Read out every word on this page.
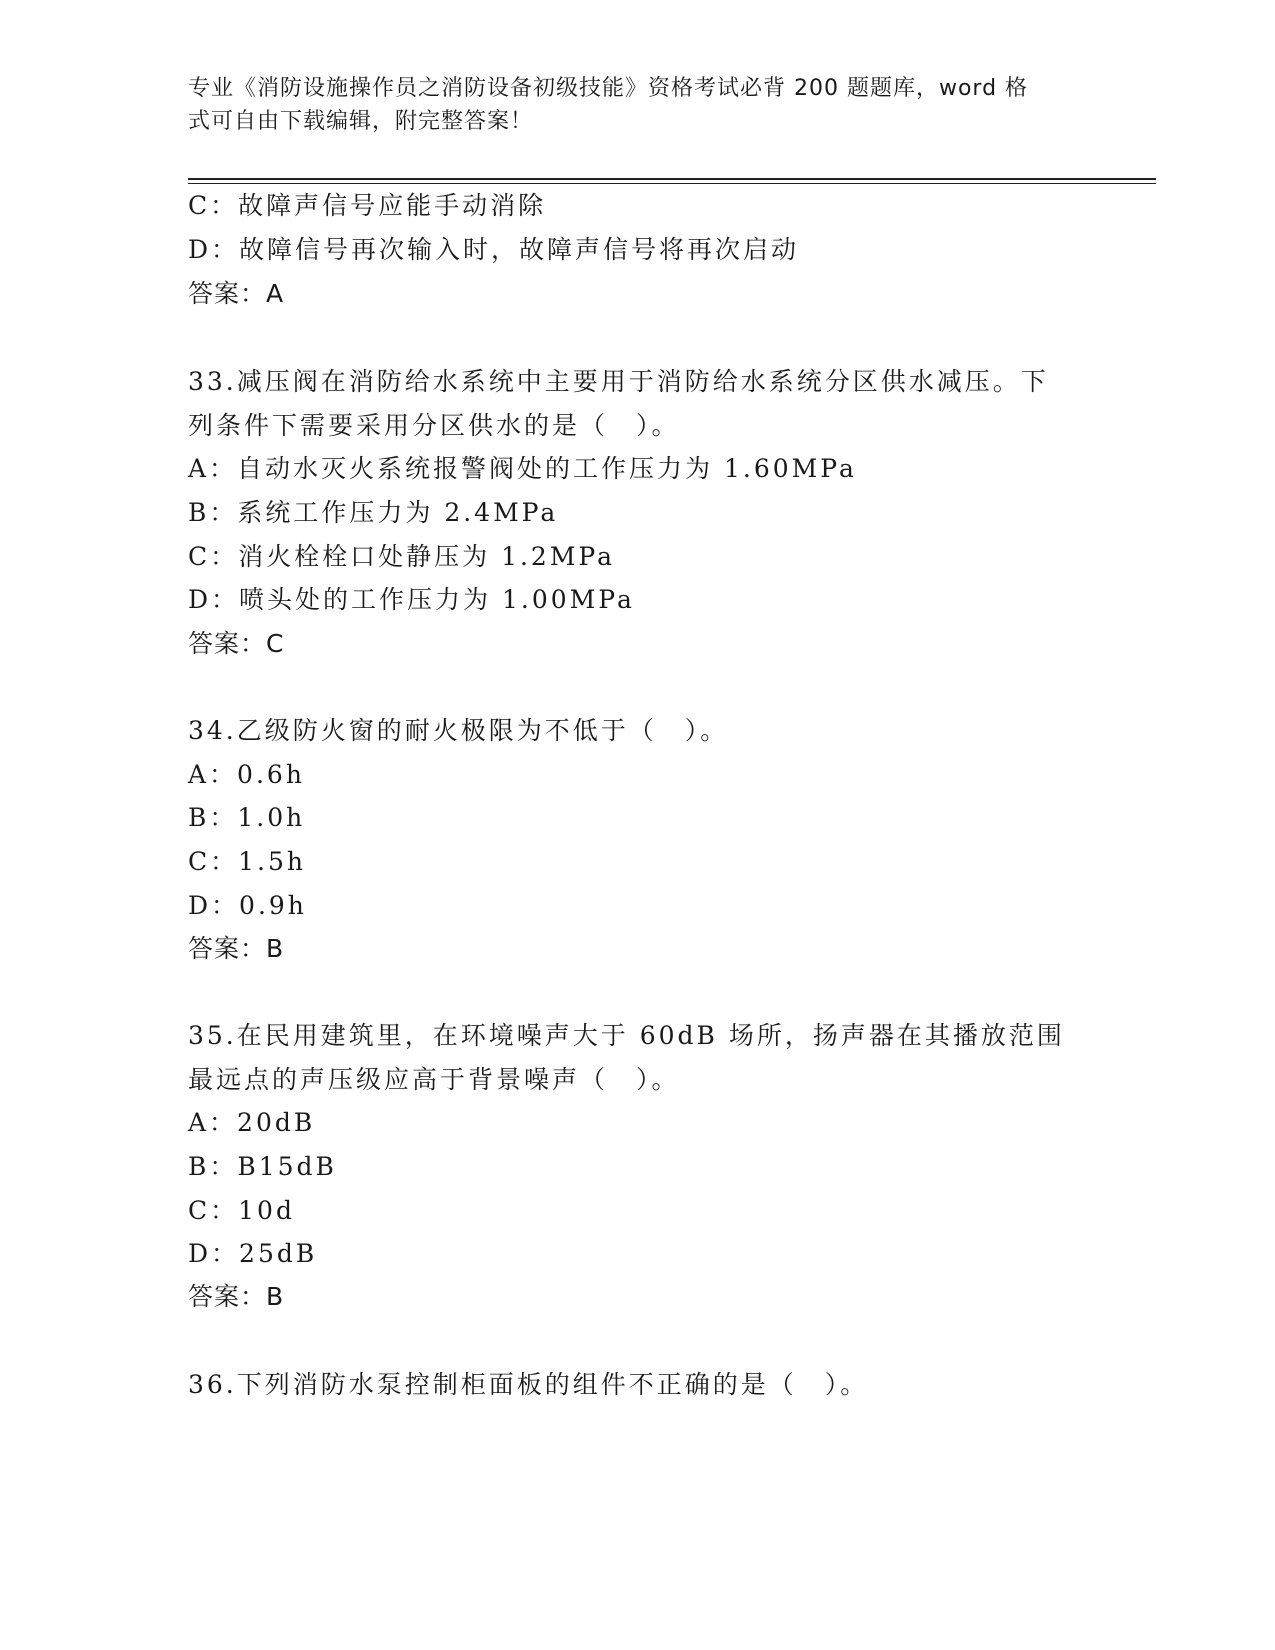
专业《消防设施操作员之消防设备初级技能》资格考试必背 200 题题库，word 格
式可自由下载编辑，附完整答案！
C：故障声信号应能手动消除
D：故障信号再次输入时，故障声信号将再次启动
答案：A
33.减压阀在消防给水系统中主要用于消防给水系统分区供水减压。下
列条件下需要采用分区供水的是（　）。
A：自动水灭火系统报警阀处的工作压力为 1.60MPa
B：系统工作压力为 2.4MPa
C：消火栓栓口处静压为 1.2MPa
D：喷头处的工作压力为 1.00MPa
答案：C
34.乙级防火窗的耐火极限为不低于（　）。
A：0.6h
B：1.0h
C：1.5h
D：0.9h
答案：B
35.在民用建筑里，在环境噪声大于 60dB 场所，扬声器在其播放范围
最远点的声压级应高于背景噪声（　）。
A：20dB
B：B15dB
C：10d
D：25dB
答案：B
36.下列消防水泵控制柜面板的组件不正确的是（　）。
